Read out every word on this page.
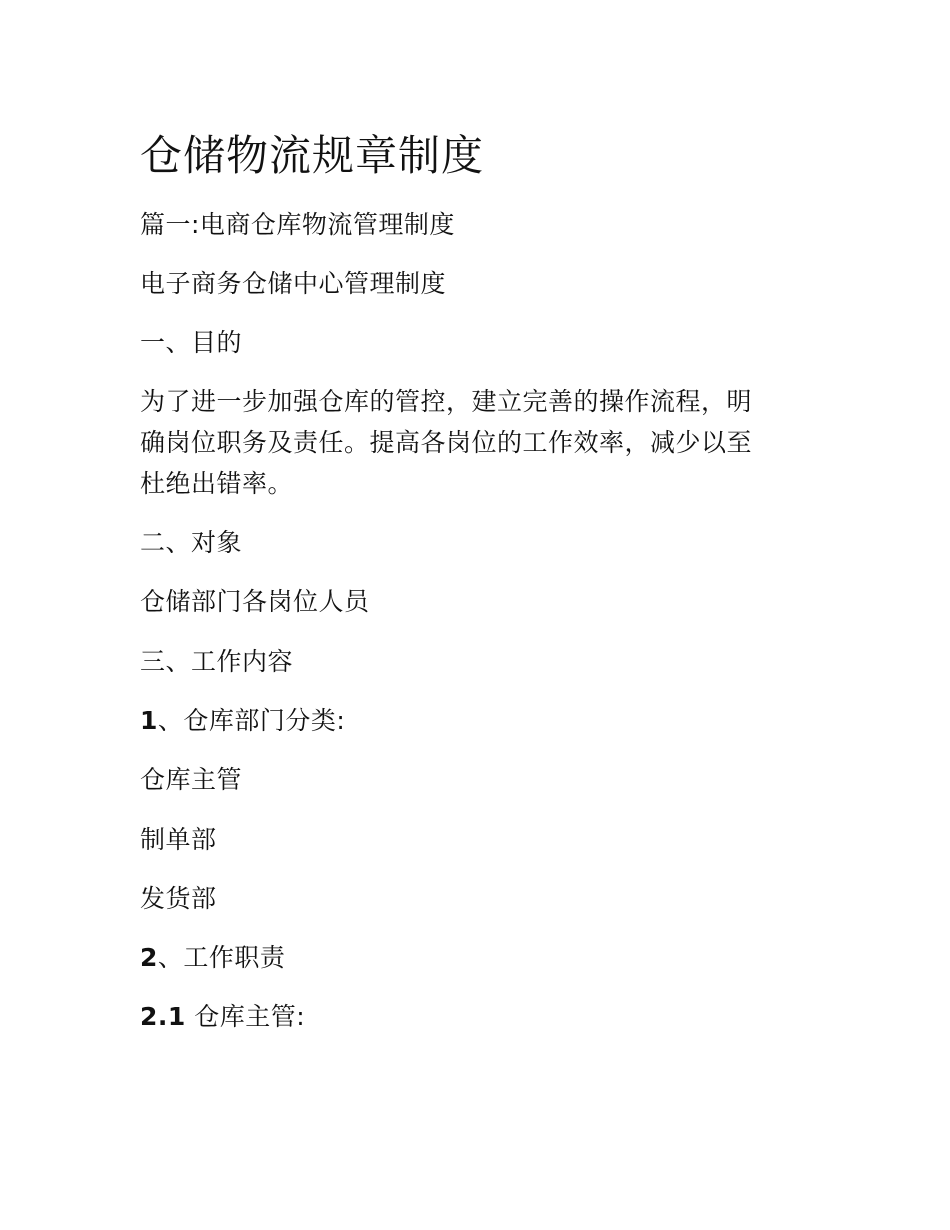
仓储物流规章制度

篇一:电商仓库物流管理制度

电子商务仓储中心管理制度

一、目的

为了进一步加强仓库的管控，建立完善的操作流程，明
确岗位职务及责任。提高各岗位的工作效率，减少以至
杜绝出错率。

二、对象

仓储部门各岗位人员

三、工作内容

1、仓库部门分类:

仓库主管

制单部

发货部

2、工作职责

2.1 仓库主管:
